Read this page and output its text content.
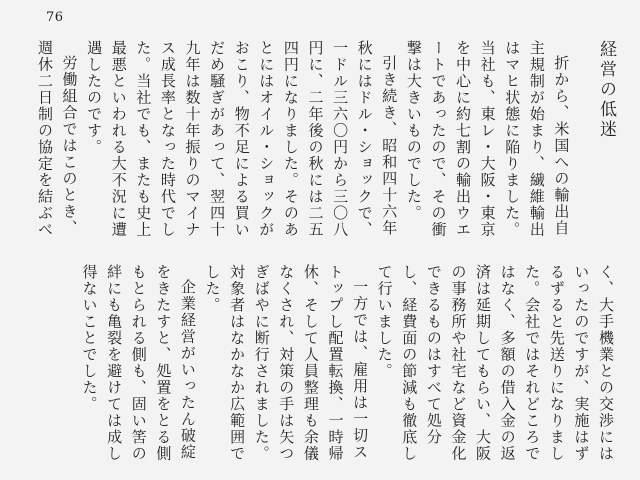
76
経営の低迷

折から、米国への輸出自主規制が始まり、繊維輸出はマヒ状態に陥りました。当社も、東レ・大阪・東京を中心に約七割の輸出ウエートであったので、その衝撃は大きいものでした。

引き続き、昭和四十六年秋にはドル・ショックで、一ドル三六〇円から三〇八円に、二年後の秋には二五四円になりました。そのあとにはオイル・ショックがおこり、物不足による買いだめ騒ぎがあって、翌四十九年は数十年振りのマイナス成長率となった時代でした。当社でも、またも史上最悪といわれる大不況に遭遇したのです。

労働組合ではこのとき、週休二日制の協定を結ぶべく、大手機業との交渉にはいったのですが、実施はずるずると先送りになりました。会社ではそれどころではなく、多額の借入金の返済は延期してもらい、大阪の事務所や社宅など資金化できるものはすべて処分し、経費面の節減も徹底して行いました。

一方では、雇用は一切ストップし配置転換、一時帰休、そして人員整理も余儀なくされ、対策の手は矢つぎばやに断行されました。対象者はなかなか広範囲でした。

企業経営がいったん破綻をきたすと、処置をとる側もとられる側も、固い筈の絆にも亀裂を避けては成し得ないことでした。
